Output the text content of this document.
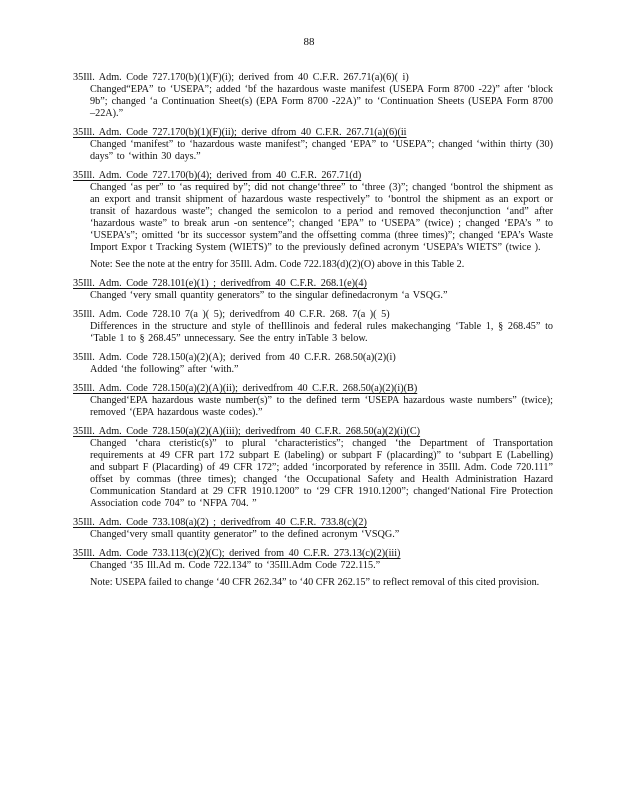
88
35Ill. Adm. Code 727.170(b)(1)(F)(i); derived from 40 C.F.R. 267.71(a)(6)( i)
Changed“EPA” to ‘USEPA”; added ‘bf the hazardous waste manifest (USEPA Form 8700 -22)” after ‘block 9b”; changed ‘a Continuation Sheet(s) (EPA Form 8700 -22A)” to ‘Continuation Sheets (USEPA Form 8700 –22A).”
35Ill. Adm. Code 727.170(b)(1)(F)(ii); derive dfrom 40 C.F.R. 267.71(a)(6)(ii
Changed ‘manifest” to ‘hazardous waste manifest”; changed ‘EPA” to ‘USEPA”; changed ‘within thirty (30) days” to ‘within 30 days.”
35Ill. Adm. Code 727.170(b)(4); derived from 40 C.F.R. 267.71(d)
Changed ‘as per” to ‘as required by”; did not change‘three” to ‘three (3)”; changed ‘bontrol the shipment as an export and transit shipment of hazardous waste respectively” to ‘bontrol the shipment as an export or transit of hazardous waste”; changed the semicolon to a period and removed theconjunction ‘and” after ‘hazardous waste” to break arun -on sentence”; changed ‘EPA” to ‘USEPA” (twice) ; changed ‘EPA’s ” to ‘USEPA’s”; omitted ‘br its successor system”and the offsetting comma (three times)”; changed ‘EPA’s Waste Import Expor t Tracking System (WIETS)” to the previously defined acronym ‘USEPA’s WIETS” (twice ).
Note: See the note at the entry for 35Ill. Adm. Code 722.183(d)(2)(O) above in this Table 2.
35Ill. Adm. Code 728.101(e)(1) ; derivedfrom 40 C.F.R. 268.1(e)(4)
Changed ‘very small quantity generators” to the singular definedacronym ‘a VSQG.”
35Ill. Adm. Code 728.10 7(a )( 5); derivedfrom 40 C.F.R. 268. 7(a )( 5)
Differences in the structure and style of theIllinois and federal rules makechanging ‘Table 1, § 268.45” to ‘Table 1 to § 268.45” unnecessary. See the entry inTable 3 below.
35Ill. Adm. Code 728.150(a)(2)(A); derived from 40 C.F.R. 268.50(a)(2)(i)
Added ‘the following” after ‘with.”
35Ill. Adm. Code 728.150(a)(2)(A)(ii); derivedfrom 40 C.F.R. 268.50(a)(2)(i)(B)
Changed‘EPA hazardous waste number(s)” to the defined term ‘USEPA hazardous waste numbers” (twice); removed ‘(EPA hazardous waste codes).”
35Ill. Adm. Code 728.150(a)(2)(A)(iii); derivedfrom 40 C.F.R. 268.50(a)(2)(i)(C)
Changed ‘chara cteristic(s)” to plural ‘characteristics”; changed ‘the Department of Transportation requirements at 49 CFR part 172 subpart E (labeling) or subpart F (placarding)” to ‘subpart E (Labelling) and subpart F (Placarding) of 49 CFR 172”; added ‘incorporated by reference in 35Ill. Adm. Code 720.111” offset by commas (three times); changed ‘the Occupational Safety and Health Administration Hazard Communication Standard at 29 CFR 1910.1200” to ‘29 CFR 1910.1200”; changed‘National Fire Protection Association code 704” to ‘NFPA 704. ”
35Ill. Adm. Code 733.108(a)(2) ; derivedfrom 40 C.F.R. 733.8(c)(2)
Changed‘very small quantity generator” to the defined acronym ‘VSQG.”
35Ill. Adm. Code 733.113(c)(2)(C); derived from 40 C.F.R. 273.13(c)(2)(iii)
Changed ‘35 Ill.Ad m. Code 722.134” to ‘35Ill.Adm Code 722.115.”
Note: USEPA failed to change ‘40 CFR 262.34” to ‘40 CFR 262.15” to reflect removal of this cited provision.
